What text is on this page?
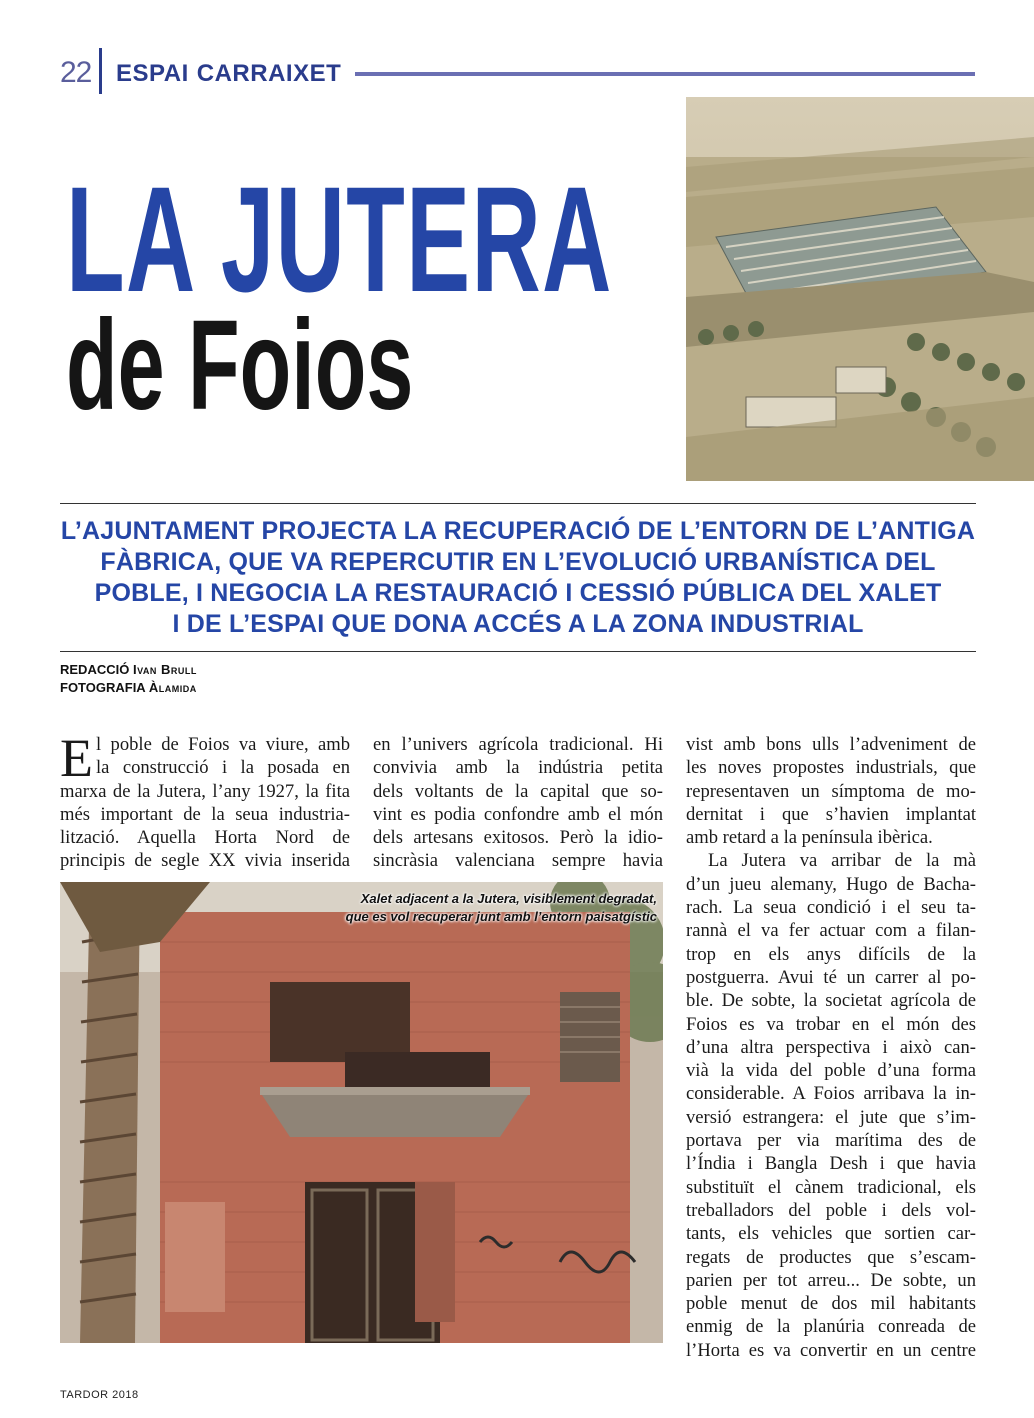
22 ESPAI CARRAIXET
LA JUTERA
de Foios
L’AJUNTAMENT PROJECTA LA RECUPERACIÓ DE L’ENTORN DE L’ANTIGA
FÀBRICA, QUE VA REPERCUTIR EN L’EVOLUCIÓ URBANÍSTICA DEL
POBLE, I NEGOCIA LA RESTAURACIÓ I CESSIÓ PÚBLICA DEL XALET
I DE L’ESPAI QUE DONA ACCÉS A LA ZONA INDUSTRIAL
REDACCIÓ Ivan Brull
FOTOGRAFIA Àlamida
E l poble de Foios va viure, amb
la construcció i la posada en
marxa de la Jutera, l’any 1927, la fita
més important de la seua industria-
lització. Aquella Horta Nord de
principis de segle XX vivia inserida
en l’univers agrícola tradicional. Hi
convivia amb la indústria petita
dels voltants de la capital que so-
vint es podia confondre amb el món
dels artesans exitosos. Però la idio-
sincràsia valenciana sempre havia
vist amb bons ulls l’adveniment de
les noves propostes industrials, que
representaven un símptoma de mo-
dernitat i que s’havien implantat
amb retard a la península ibèrica.
La Jutera va arribar de la mà
d’un jueu alemany, Hugo de Bacha-
rach. La seua condició i el seu ta-
rannà el va fer actuar com a filan-
trop en els anys difícils de la
postguerra. Avui té un carrer al po-
ble. De sobte, la societat agrícola de
Foios es va trobar en el món des
d’una altra perspectiva i això can-
vià la vida del poble d’una forma
considerable. A Foios arribava la in-
versió estrangera: el jute que s’im-
portava per via marítima des de
l’Índia i Bangla Desh i que havia
substituït el cànem tradicional, els
treballadors del poble i dels vol-
tants, els vehicles que sortien car-
regats de productes que s’escam-
parien per tot arreu... De sobte, un
poble menut de dos mil habitants
enmig de la planúria conreada de
l’Horta es va convertir en un centre
Xalet adjacent a la Jutera, visiblement degradat,
que es vol recuperar junt amb l’entorn paisatgístic
TARDOR 2018
